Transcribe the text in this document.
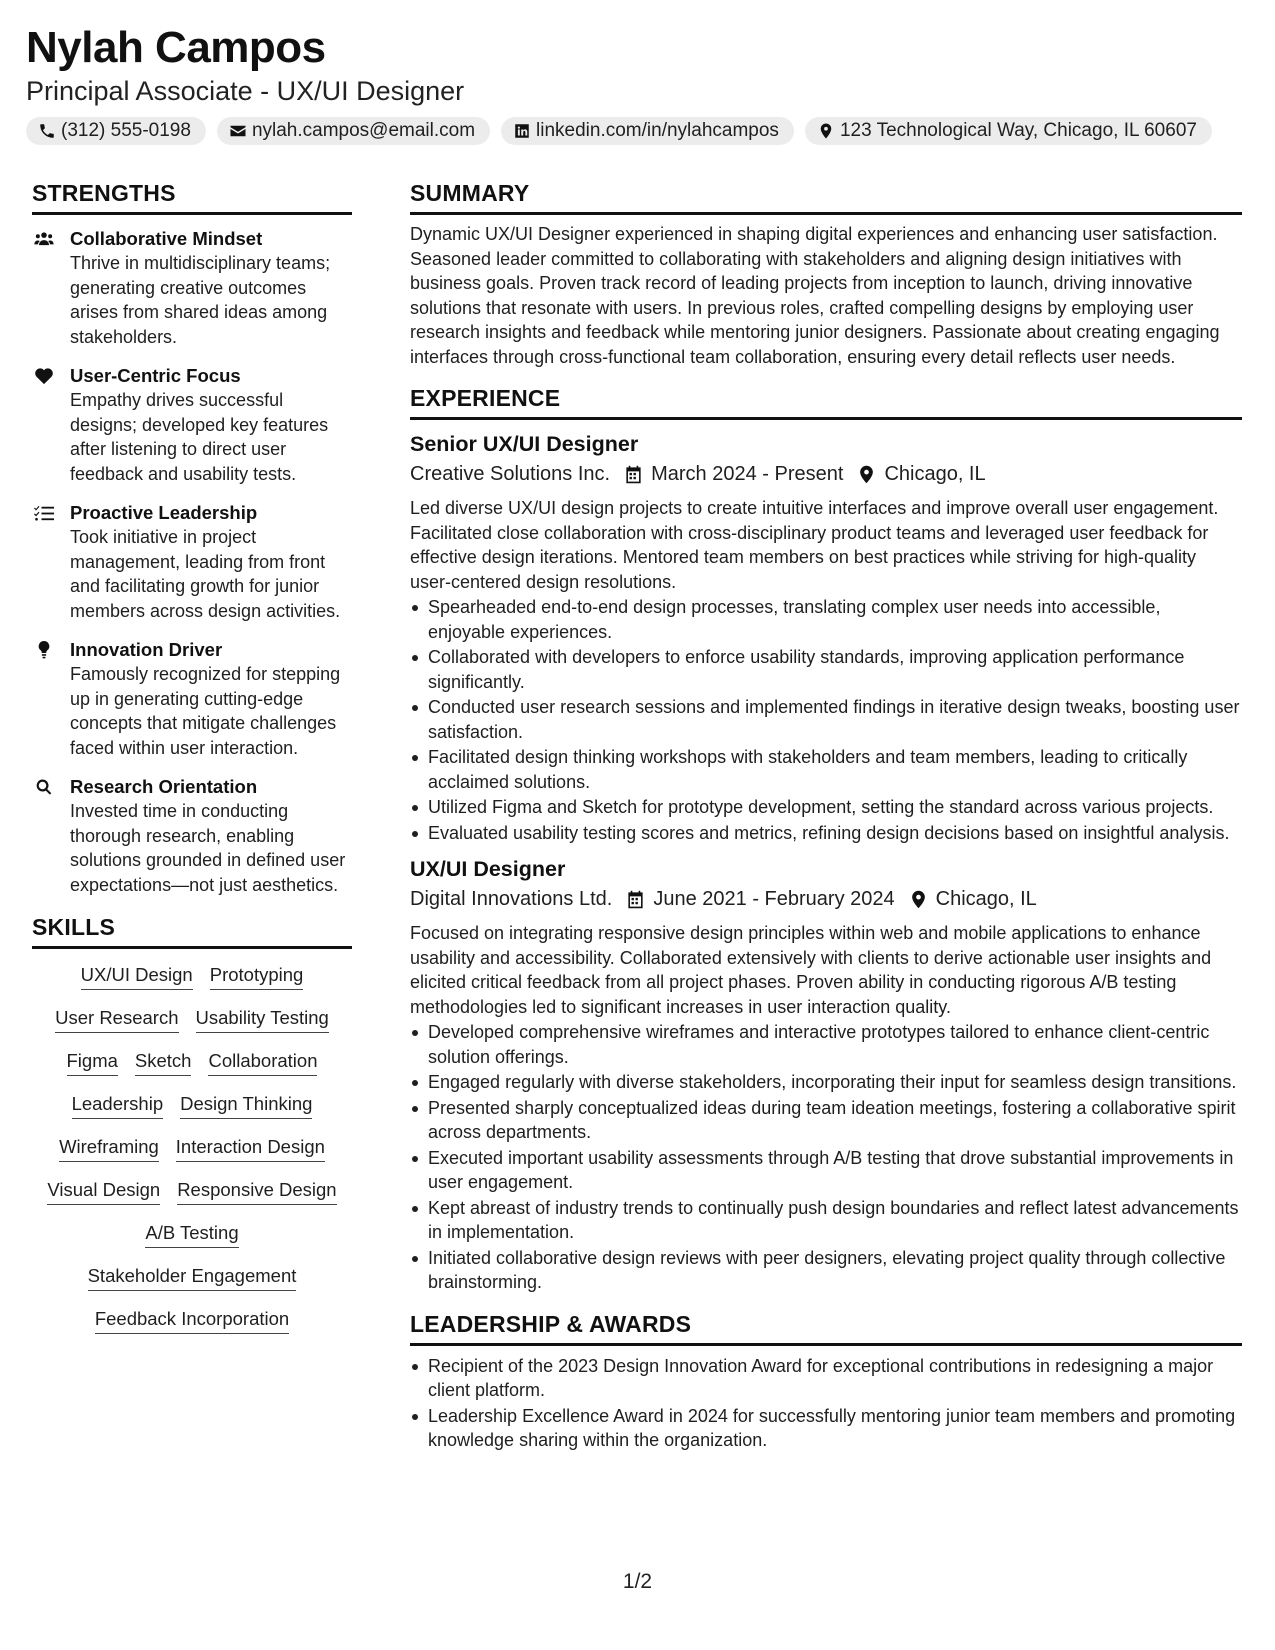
Nylah Campos
Principal Associate - UX/UI Designer
(312) 555-0198	nylah.campos@email.com	linkedin.com/in/nylahcampos	123 Technological Way, Chicago, IL 60607
STRENGTHS
Collaborative Mindset
Thrive in multidisciplinary teams; generating creative outcomes arises from shared ideas among stakeholders.
User-Centric Focus
Empathy drives successful designs; developed key features after listening to direct user feedback and usability tests.
Proactive Leadership
Took initiative in project management, leading from front and facilitating growth for junior members across design activities.
Innovation Driver
Famously recognized for stepping up in generating cutting-edge concepts that mitigate challenges faced within user interaction.
Research Orientation
Invested time in conducting thorough research, enabling solutions grounded in defined user expectations—not just aesthetics.
SKILLS
UX/UI Design Prototyping
User Research Usability Testing
Figma Sketch Collaboration
Leadership Design Thinking
Wireframing Interaction Design
Visual Design Responsive Design
A/B Testing
Stakeholder Engagement
Feedback Incorporation
SUMMARY
Dynamic UX/UI Designer experienced in shaping digital experiences and enhancing user satisfaction. Seasoned leader committed to collaborating with stakeholders and aligning design initiatives with business goals. Proven track record of leading projects from inception to launch, driving innovative solutions that resonate with users. In previous roles, crafted compelling designs by employing user research insights and feedback while mentoring junior designers. Passionate about creating engaging interfaces through cross-functional team collaboration, ensuring every detail reflects user needs.
EXPERIENCE
Senior UX/UI Designer
Creative Solutions Inc. March 2024 - Present Chicago, IL
Led diverse UX/UI design projects to create intuitive interfaces and improve overall user engagement. Facilitated close collaboration with cross-disciplinary product teams and leveraged user feedback for effective design iterations. Mentored team members on best practices while striving for high-quality user-centered design resolutions.
Spearheaded end-to-end design processes, translating complex user needs into accessible, enjoyable experiences.
Collaborated with developers to enforce usability standards, improving application performance significantly.
Conducted user research sessions and implemented findings in iterative design tweaks, boosting user satisfaction.
Facilitated design thinking workshops with stakeholders and team members, leading to critically acclaimed solutions.
Utilized Figma and Sketch for prototype development, setting the standard across various projects.
Evaluated usability testing scores and metrics, refining design decisions based on insightful analysis.
UX/UI Designer
Digital Innovations Ltd. June 2021 - February 2024 Chicago, IL
Focused on integrating responsive design principles within web and mobile applications to enhance usability and accessibility. Collaborated extensively with clients to derive actionable user insights and elicited critical feedback from all project phases. Proven ability in conducting rigorous A/B testing methodologies led to significant increases in user interaction quality.
Developed comprehensive wireframes and interactive prototypes tailored to enhance client-centric solution offerings.
Engaged regularly with diverse stakeholders, incorporating their input for seamless design transitions.
Presented sharply conceptualized ideas during team ideation meetings, fostering a collaborative spirit across departments.
Executed important usability assessments through A/B testing that drove substantial improvements in user engagement.
Kept abreast of industry trends to continually push design boundaries and reflect latest advancements in implementation.
Initiated collaborative design reviews with peer designers, elevating project quality through collective brainstorming.
LEADERSHIP & AWARDS
Recipient of the 2023 Design Innovation Award for exceptional contributions in redesigning a major client platform.
Leadership Excellence Award in 2024 for successfully mentoring junior team members and promoting knowledge sharing within the organization.
1/2
